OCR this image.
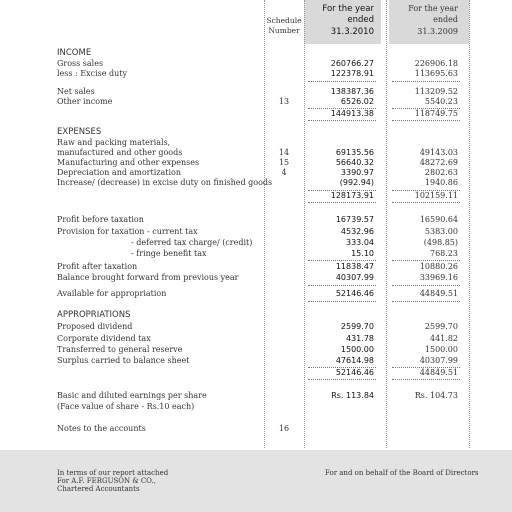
Schedule
Number
For the year
ended
31.3.2010
For the year
ended
31.3.2009
INCOME
Gross sales	260766.27	226906.18
less : Excise duty	122378.91	113695.63
Net sales	138387.36	113209.52
Other income	13	6526.02	5540.23
144913.38	118749.75
EXPENSES
Raw and packing materials,
manufactured and other goods	14	69135.56	49143.03
Manufacturing and other expenses	15	56640.32	48272.69
Depreciation and amortization	4	3390.97	2802.63
Increase/ (decrease) in excise duty on finished goods	(992.94)	1940.86
128173.91	102159.11
Profit before taxation	16739.57	16590.64
Provision for taxation - current tax	4532.96	5383.00
- deferred tax charge/ (credit)	333.04	(498.85)
- fringe benefit tax	15.10	768.23
Profit after taxation	11838.47	10880.26
Balance brought forward from previous year	40307.99	33969.16
Available for appropriation	52146.46	44849.51
APPROPRIATIONS
Proposed dividend	2599.70	2599.70
Corporate dividend tax	431.78	441.82
Transferred to general reserve	1500.00	1500.00
Surplus carried to balance sheet	47614.98	40307.99
52146.46	44849.51
Basic and diluted earnings per share
(Face value of share - Rs.10 each)
Rs. 113.84	Rs. 104.73
Notes to the accounts	16
In terms of our report attached
For A.F. FERGUSON & CO.,
Chartered Accountants
For and on behalf of the Board of Directors
